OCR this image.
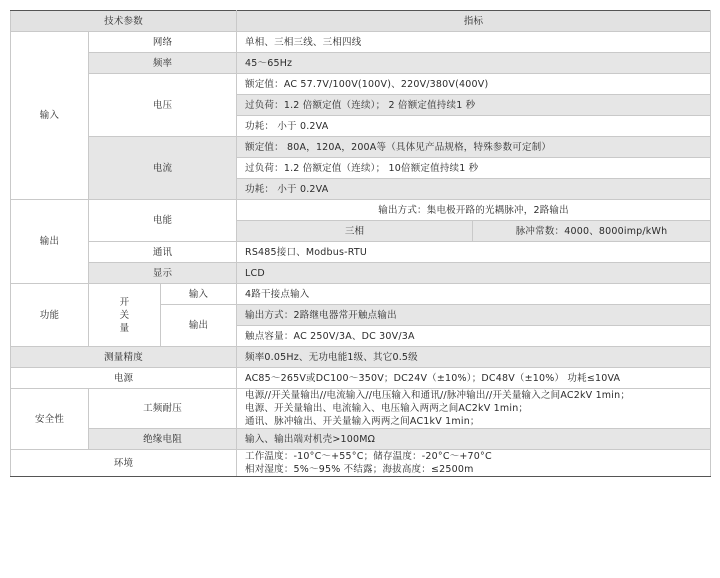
技术参数			指标	
输入	网络		单相、三相三线、三相四线	
	频率		45～65Hz	
	电压		额定值：AC 57.7V/100V(100V)、220V/380V(400V)	
			过负荷：1.2 倍额定值（连续）； 2 倍额定值持续1 秒	
			功耗： 小于 0.2VA	
	电流		额定值： 80A，120A，200A等（具体见产品规格，特殊参数可定制）	
			过负荷：1.2 倍额定值（连续）； 10倍额定值持续1 秒	
			功耗： 小于 0.2VA	
输出	电能		输出方式：集电极开路的光耦脉冲，2路输出	
			三相	脉冲常数：4000、8000imp/kWh
	通讯		RS485接口、Modbus-RTU	
	显示		LCD	
功能	开
关
量	输入	4路干接点输入	
		输出	输出方式：2路继电器常开触点输出	
			触点容量：AC 250V/3A、DC 30V/3A	
测量精度			频率0.05Hz、无功电能1级、其它0.5级	
电源			AC85～265V或DC100～350V；DC24V（±10%）；DC48V（±10%） 功耗≤10VA	
安全性	工频耐压		电源//开关量输出//电流输入//电压输入和通讯//脉冲输出//开关量输入之间AC2kV 1min；
电源、开关量输出、电流输入、电压输入两两之间AC2kV 1min；
通讯、脉冲输出、开关量输入两两之间AC1kV 1min；	

	绝缘电阻		输入、输出端对机壳>100MΩ	
环境			工作温度：-10°C～+55°C；储存温度：-20°C～+70°C
相对湿度：5%～95% 不结露；海拔高度：≤2500m	
